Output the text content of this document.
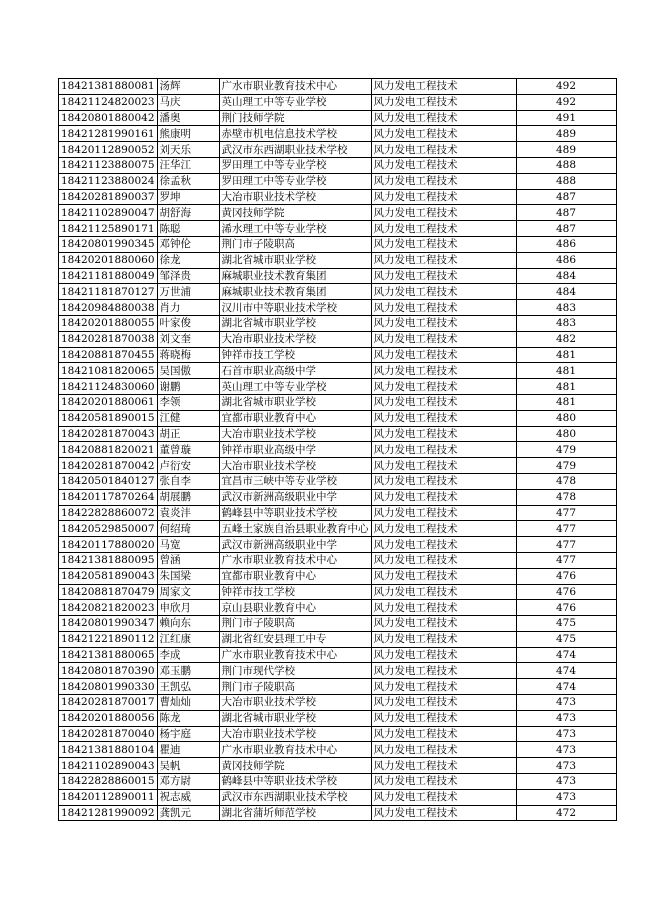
18421381880081	汤辉	广水市职业教育技术中心	风力发电工程技术	492
18421124820023	马庆	英山理工中等专业学校	风力发电工程技术	492
18420801880042	潘奥	荆门技师学院	风力发电工程技术	491
18421281990161	熊康明	赤壁市机电信息技术学校	风力发电工程技术	489
18420112890052	刘天乐	武汉市东西湖职业技术学校	风力发电工程技术	489
18421123880075	汪华江	罗田理工中等专业学校	风力发电工程技术	488
18421123880024	徐孟秋	罗田理工中等专业学校	风力发电工程技术	488
18420281890037	罗坤	大冶市职业技术学校	风力发电工程技术	487
18421102890047	胡舒海	黄冈技师学院	风力发电工程技术	487
18421125890171	陈聪	浠水理工中等专业学校	风力发电工程技术	487
18420801990345	邓钟伦	荆门市子陵职高	风力发电工程技术	486
18420201880060	徐龙	湖北省城市职业学校	风力发电工程技术	486
18421181880049	邹泽贵	麻城职业技术教育集团	风力发电工程技术	484
18421181870127	万世浦	麻城职业技术教育集团	风力发电工程技术	484
18420984880038	肖力	汉川市中等职业技术学校	风力发电工程技术	483
18420201880055	叶家俊	湖北省城市职业学校	风力发电工程技术	483
18420281870038	刘文奎	大冶市职业技术学校	风力发电工程技术	482
18420881870455	蒋晓梅	钟祥市技工学校	风力发电工程技术	481
18421081820065	吴国傲	石首市职业高级中学	风力发电工程技术	481
18421124830060	谢鹏	英山理工中等专业学校	风力发电工程技术	481
18420201880061	李领	湖北省城市职业学校	风力发电工程技术	481
18420581890015	江健	宜都市职业教育中心	风力发电工程技术	480
18420281870043	胡正	大冶市职业技术学校	风力发电工程技术	480
18420881820021	董曾璇	钟祥市职业高级中学	风力发电工程技术	479
18420281870042	卢衍安	大冶市职业技术学校	风力发电工程技术	479
18420501840127	张自李	宜昌市三峡中等专业学校	风力发电工程技术	478
18420117870264	胡展鹏	武汉市新洲高级职业中学	风力发电工程技术	478
18422828860072	袁炎沣	鹤峰县中等职业技术学校	风力发电工程技术	477
18420529850007	何绍琦	五峰土家族自治县职业教育中心	风力发电工程技术	477
18420117880020	马宽	武汉市新洲高级职业中学	风力发电工程技术	477
18421381880095	曾涵	广水市职业教育技术中心	风力发电工程技术	477
18420581890043	朱国梁	宜都市职业教育中心	风力发电工程技术	476
18420881870479	周家文	钟祥市技工学校	风力发电工程技术	476
18420821820023	申欣月	京山县职业教育中心	风力发电工程技术	476
18420801990347	赖向东	荆门市子陵职高	风力发电工程技术	475
18421221890112	江红康	湖北省红安县理工中专	风力发电工程技术	475
18421381880065	李成	广水市职业教育技术中心	风力发电工程技术	474
18420801870390	邓玉鹏	荆门市现代学校	风力发电工程技术	474
18420801990330	王凯弘	荆门市子陵职高	风力发电工程技术	474
18420281870017	曹灿灿	大冶市职业技术学校	风力发电工程技术	473
18420201880056	陈龙	湖北省城市职业学校	风力发电工程技术	473
18420281870040	杨宇庭	大冶市职业技术学校	风力发电工程技术	473
18421381880104	瞿迪	广水市职业教育技术中心	风力发电工程技术	473
18421102890043	吴帆	黄冈技师学院	风力发电工程技术	473
18422828860015	邓方尉	鹤峰县中等职业技术学校	风力发电工程技术	473
18420112890011	祝志威	武汉市东西湖职业技术学校	风力发电工程技术	473
18421281990092	龚凯元	湖北省蒲圻师范学校	风力发电工程技术	472
